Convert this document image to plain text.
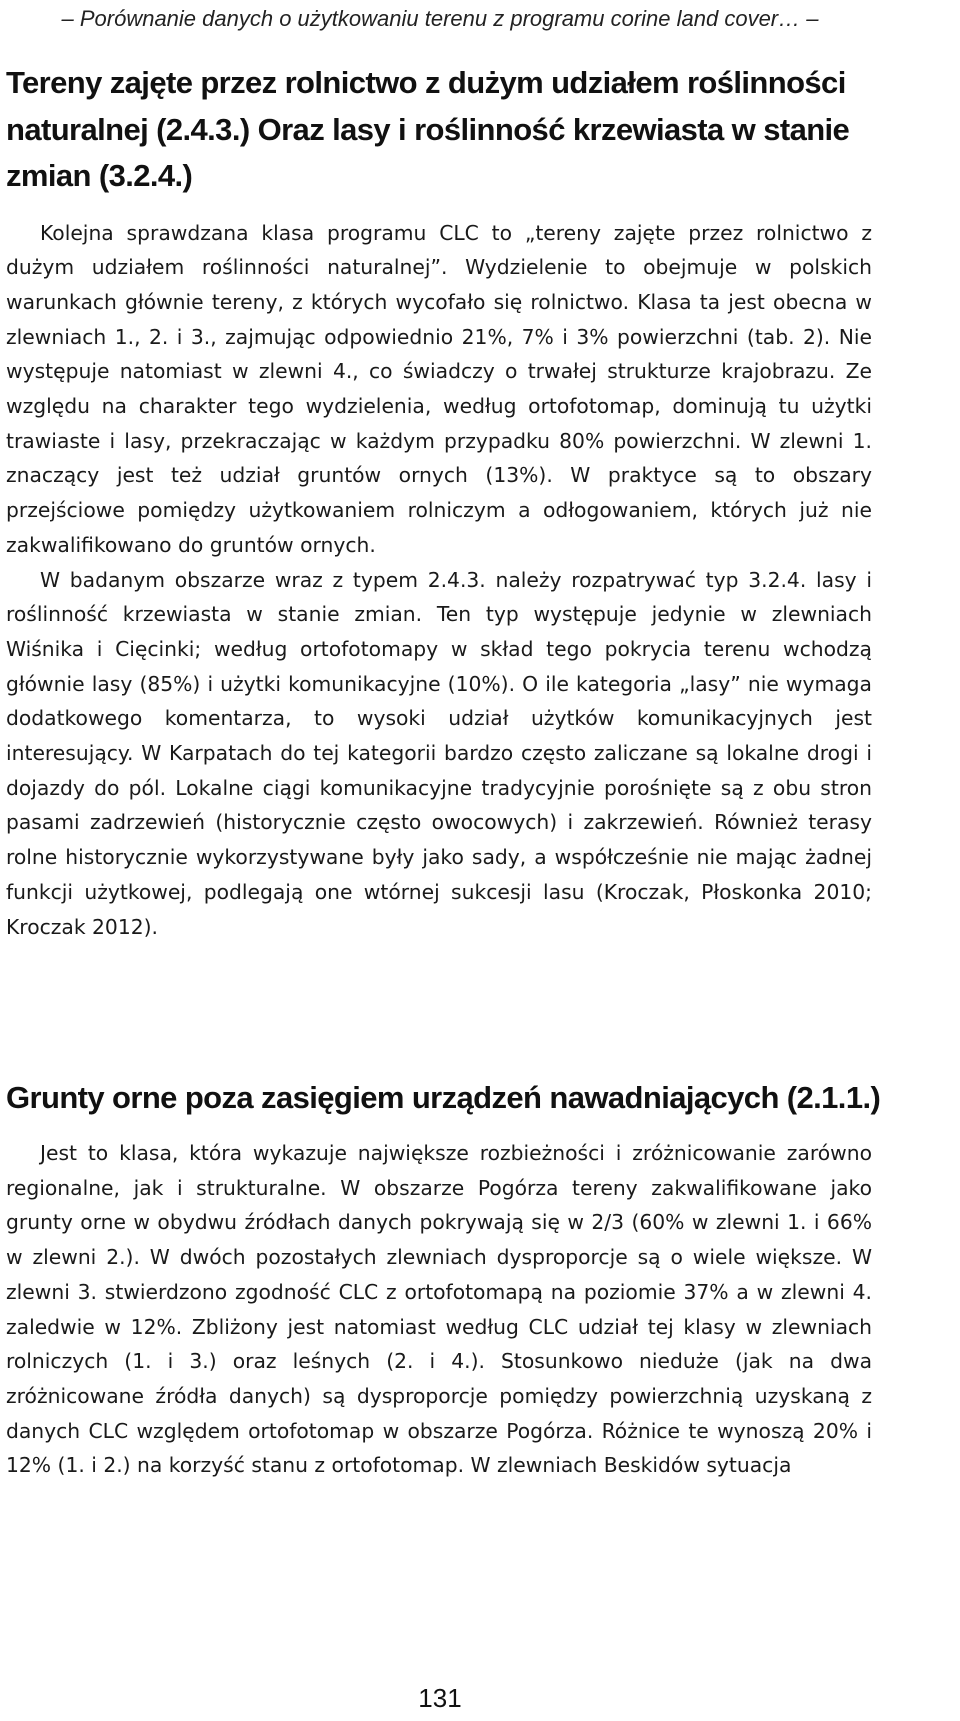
– Porównanie danych o użytkowaniu terenu z programu corine land cover… –
Tereny zajęte przez rolnictwo z dużym udziałem roślinności naturalnej (2.4.3.) Oraz lasy i roślinność krzewiasta w stanie zmian (3.2.4.)

Kolejna sprawdzana klasa programu CLC to „tereny zajęte przez rolnictwo z dużym udziałem roślinności naturalnej”. Wydzielenie to obejmuje w polskich warunkach głównie tereny, z których wycofało się rolnictwo. Klasa ta jest obecna w zlewniach 1., 2. i 3., zajmując odpowiednio 21%, 7% i 3% powierzchni (tab. 2). Nie występuje natomiast w zlewni 4., co świadczy o trwałej strukturze krajobrazu. Ze względu na charakter tego wydzielenia, według ortofotomap, dominują tu użytki trawiaste i lasy, przekraczając w każdym przypadku 80% powierzchni. W zlewni 1. znaczący jest też udział gruntów ornych (13%). W praktyce są to obszary przejściowe pomiędzy użytkowaniem rolniczym a odłogowaniem, których już nie zakwalifikowano do gruntów ornych.

W badanym obszarze wraz z typem 2.4.3. należy rozpatrywać typ 3.2.4. lasy i roślinność krzewiasta w stanie zmian. Ten typ występuje jedynie w zlewniach Wiśnika i Cięcinki; według ortofotomapy w skład tego pokrycia terenu wchodzą głównie lasy (85%) i użytki komunikacyjne (10%). O ile kategoria „lasy” nie wymaga dodatkowego komentarza, to wysoki udział użytków komunikacyjnych jest interesujący. W Karpatach do tej kategorii bardzo często zaliczane są lokalne drogi i dojazdy do pól. Lokalne ciągi komunikacyjne tradycyjnie porośnięte są z obu stron pasami zadrzewień (historycznie często owocowych) i zakrzewień. Również terasy rolne historycznie wykorzystywane były jako sady, a współcześnie nie mając żadnej funkcji użytkowej, podlegają one wtórnej sukcesji lasu (Kroczak, Płoskonka 2010; Kroczak 2012).

Grunty orne poza zasięgiem urządzeń nawadniających (2.1.1.)

Jest to klasa, która wykazuje największe rozbieżności i zróżnicowanie zarówno regionalne, jak i strukturalne. W obszarze Pogórza tereny zakwalifikowane jako grunty orne w obydwu źródłach danych pokrywają się w 2/3 (60% w zlewni 1. i 66% w zlewni 2.). W dwóch pozostałych zlewniach dysproporcje są o wiele większe. W zlewni 3. stwierdzono zgodność CLC z ortofotomapą na poziomie 37% a w zlewni 4. zaledwie w 12%. Zbliżony jest natomiast według CLC udział tej klasy w zlewniach rolniczych (1. i 3.) oraz leśnych (2. i 4.). Stosunkowo nieduże (jak na dwa zróżnicowane źródła danych) są dysproporcje pomiędzy powierzchnią uzyskaną z danych CLC względem ortofotomap w obszarze Pogórza. Różnice te wynoszą 20% i 12% (1. i 2.) na korzyść stanu z ortofotomap. W zlewniach Beskidów sytuacja

131
